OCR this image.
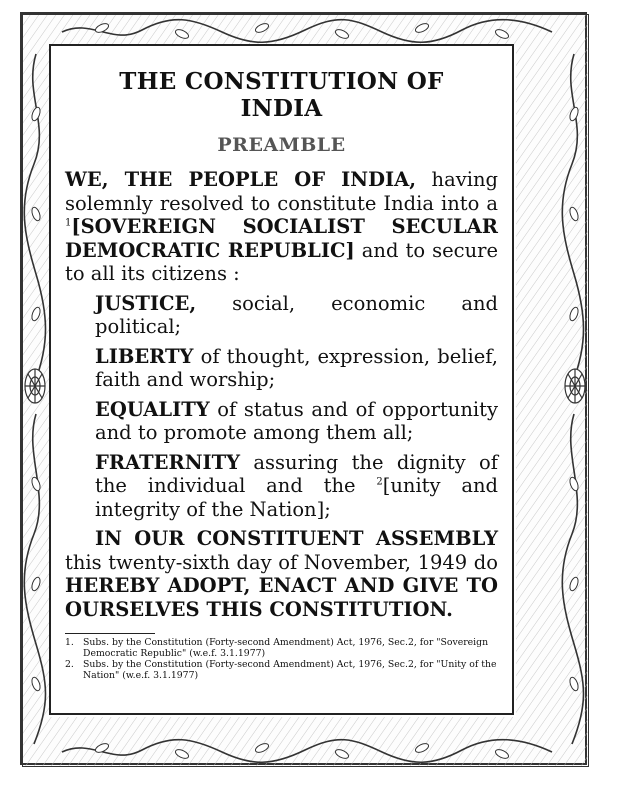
THE CONSTITUTION OF INDIA
PREAMBLE
WE, THE PEOPLE OF INDIA, having solemnly resolved to constitute India into a $^1$[SOVEREIGN SOCIALIST SECULAR DEMOCRATIC REPUBLIC] and to secure to all its citizens :
JUSTICE, social, economic and political;
LIBERTY of thought, expression, belief, faith and worship;
EQUALITY of status and of opportunity and to promote among them all;
FRATERNITY assuring the dignity of the individual and the $^2$[unity and integrity of the Nation];
IN OUR CONSTITUENT ASSEMBLY this twenty-sixth day of November, 1949 do HEREBY ADOPT, ENACT AND GIVE TO OURSELVES THIS CONSTITUTION.
1. Subs. by the Constitution (Forty-second Amendment) Act, 1976, Sec.2, for "Sovereign Democratic Republic" (w.e.f. 3.1.1977)
2. Subs. by the Constitution (Forty-second Amendment) Act, 1976, Sec.2, for "Unity of the Nation" (w.e.f. 3.1.1977)
